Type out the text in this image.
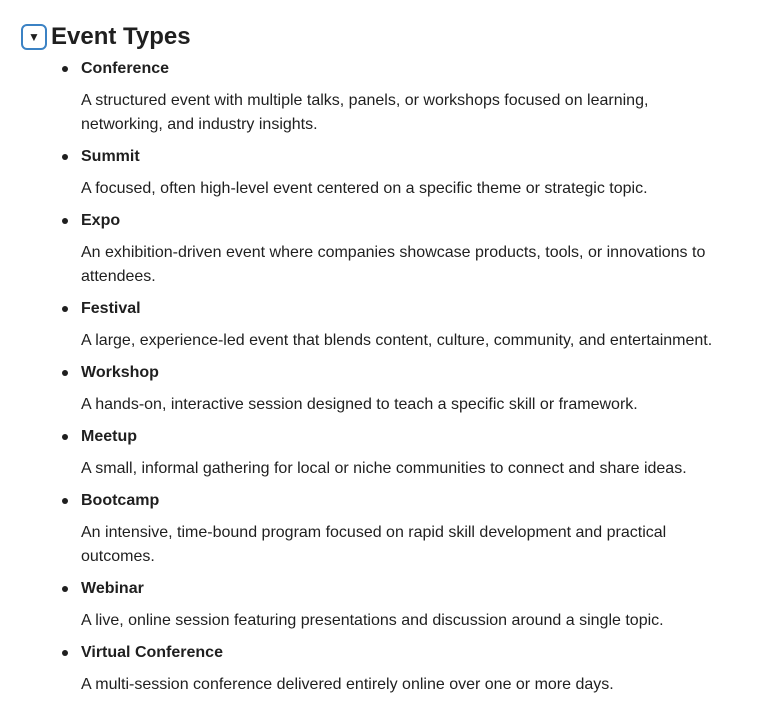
▼ Event Types
Conference
A structured event with multiple talks, panels, or workshops focused on learning, networking, and industry insights.
Summit
A focused, often high-level event centered on a specific theme or strategic topic.
Expo
An exhibition-driven event where companies showcase products, tools, or innovations to attendees.
Festival
A large, experience-led event that blends content, culture, community, and entertainment.
Workshop
A hands-on, interactive session designed to teach a specific skill or framework.
Meetup
A small, informal gathering for local or niche communities to connect and share ideas.
Bootcamp
An intensive, time-bound program focused on rapid skill development and practical outcomes.
Webinar
A live, online session featuring presentations and discussion around a single topic.
Virtual Conference
A multi-session conference delivered entirely online over one or more days.
